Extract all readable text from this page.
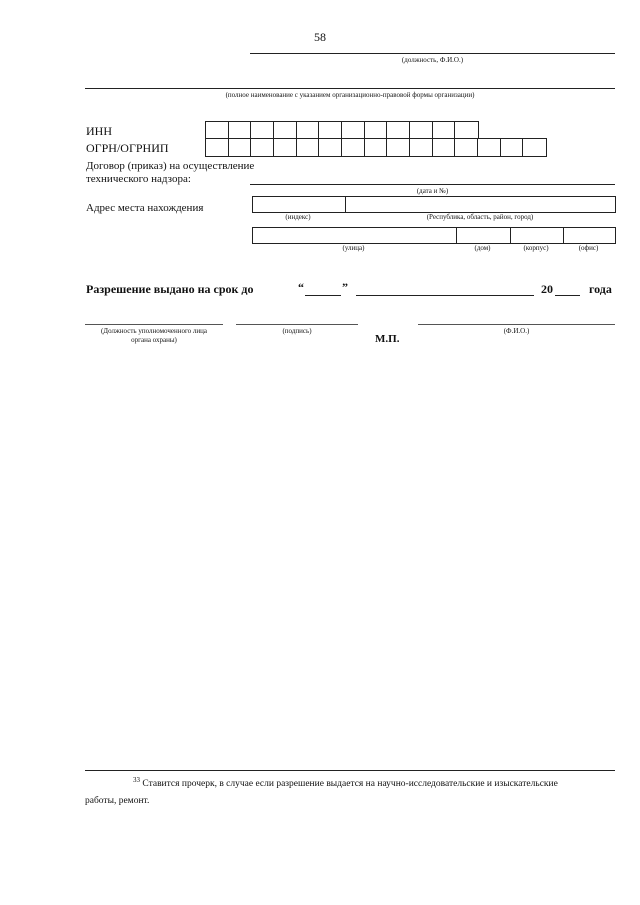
58
(должность, Ф.И.О.)
(полное наименование с указанием организационно-правовой формы организации)
ИНН
ОГРН/ОГРНИП
Договор (приказ) на осуществление
технического надзора:
(дата и №)
Адрес места нахождения
(индекс)	(Республика, область, район, город)
(улица)	(дом)	(корпус)	(офис)
Разрешение выдано на срок до	“	”	20	года
(Должность уполномоченного лица
органа охраны)
(подпись)
М.П.
(Ф.И.О.)
$^{33}$ Ставится прочерк, в случае если разрешение выдается на научно-исследовательские и изыскательские
работы, ремонт.
